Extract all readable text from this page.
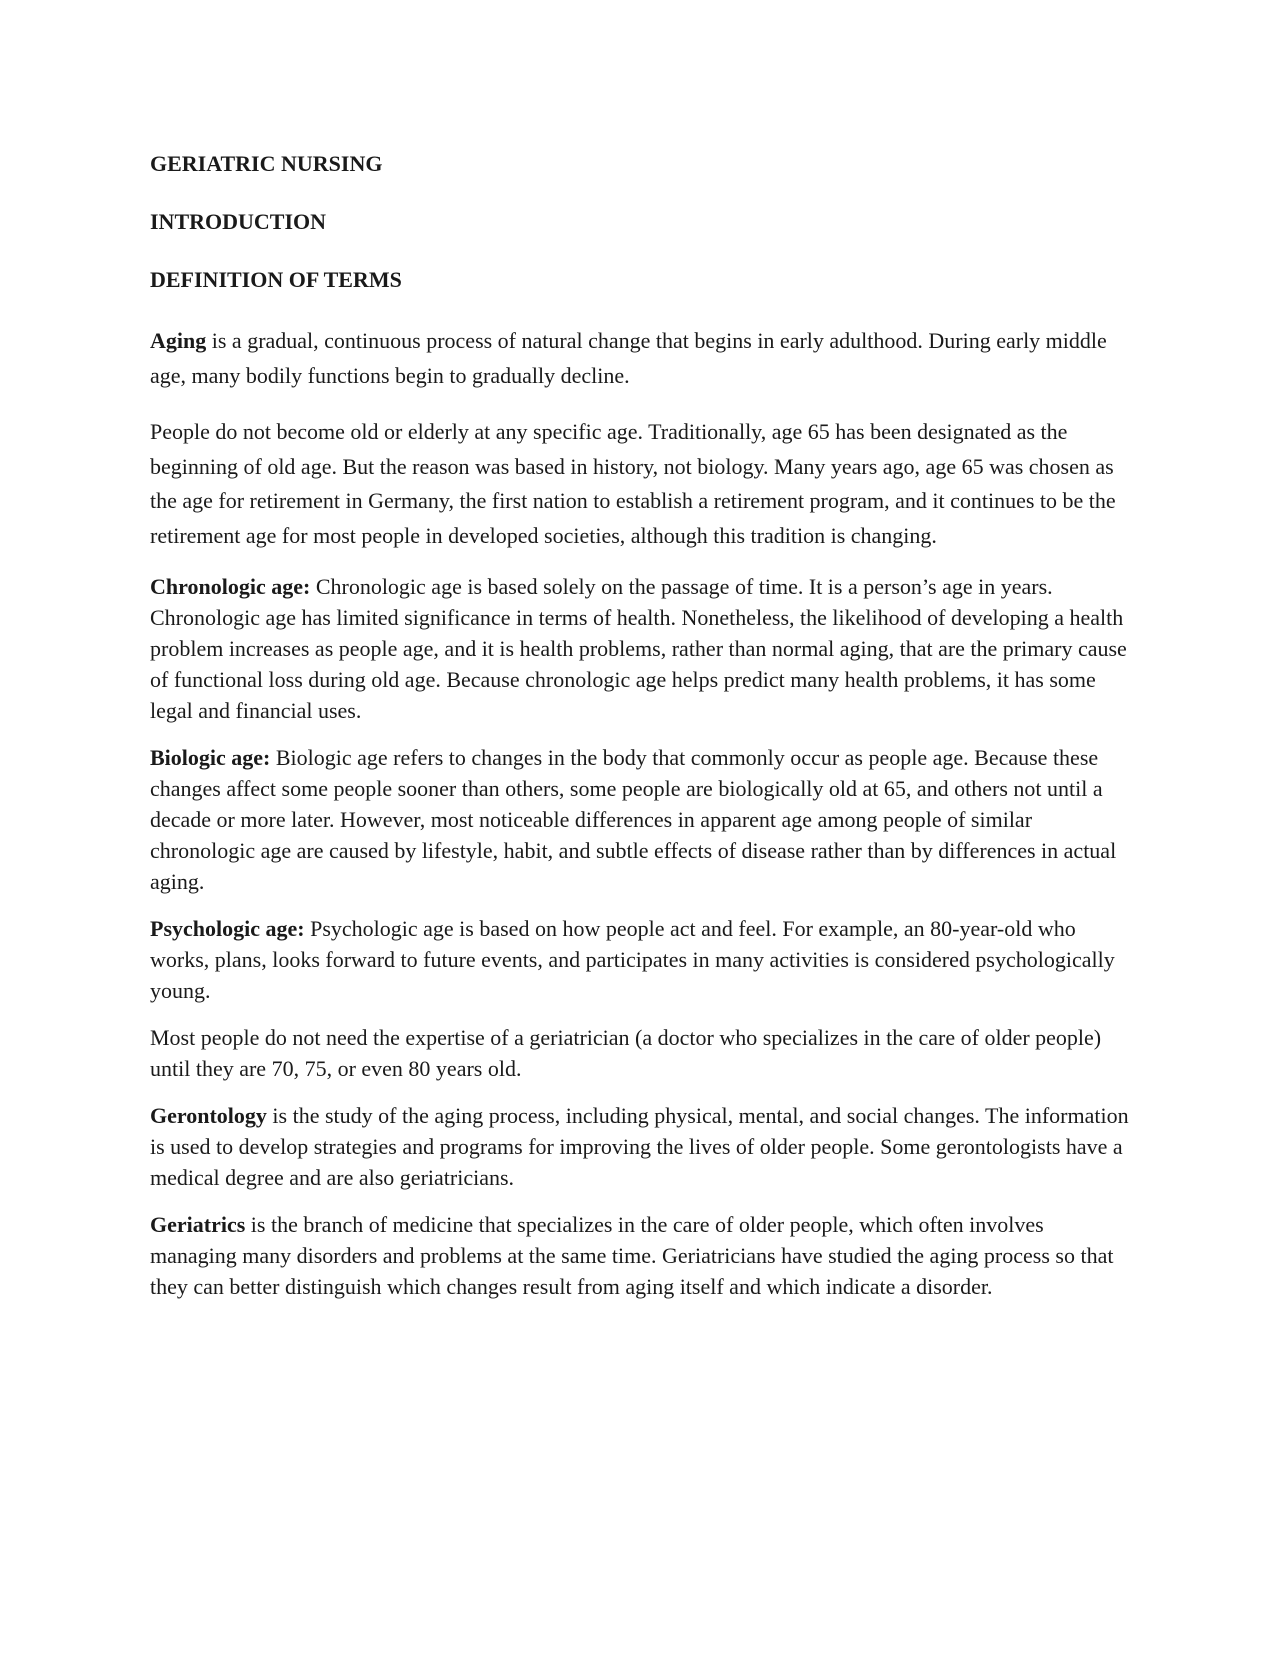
GERIATRIC NURSING
INTRODUCTION
DEFINITION OF TERMS

Aging is a gradual, continuous process of natural change that begins in early adulthood. During early middle age, many bodily functions begin to gradually decline.

People do not become old or elderly at any specific age. Traditionally, age 65 has been designated as the beginning of old age. But the reason was based in history, not biology. Many years ago, age 65 was chosen as the age for retirement in Germany, the first nation to establish a retirement program, and it continues to be the retirement age for most people in developed societies, although this tradition is changing.

Chronologic age: Chronologic age is based solely on the passage of time. It is a person’s age in years. Chronologic age has limited significance in terms of health. Nonetheless, the likelihood of developing a health problem increases as people age, and it is health problems, rather than normal aging, that are the primary cause of functional loss during old age. Because chronologic age helps predict many health problems, it has some legal and financial uses.

Biologic age: Biologic age refers to changes in the body that commonly occur as people age. Because these changes affect some people sooner than others, some people are biologically old at 65, and others not until a decade or more later. However, most noticeable differences in apparent age among people of similar chronologic age are caused by lifestyle, habit, and subtle effects of disease rather than by differences in actual aging.

Psychologic age: Psychologic age is based on how people act and feel. For example, an 80-year-old who works, plans, looks forward to future events, and participates in many activities is considered psychologically young.

Most people do not need the expertise of a geriatrician (a doctor who specializes in the care of older people) until they are 70, 75, or even 80 years old.

Gerontology is the study of the aging process, including physical, mental, and social changes. The information is used to develop strategies and programs for improving the lives of older people. Some gerontologists have a medical degree and are also geriatricians.

Geriatrics is the branch of medicine that specializes in the care of older people, which often involves managing many disorders and problems at the same time. Geriatricians have studied the aging process so that they can better distinguish which changes result from aging itself and which indicate a disorder.
